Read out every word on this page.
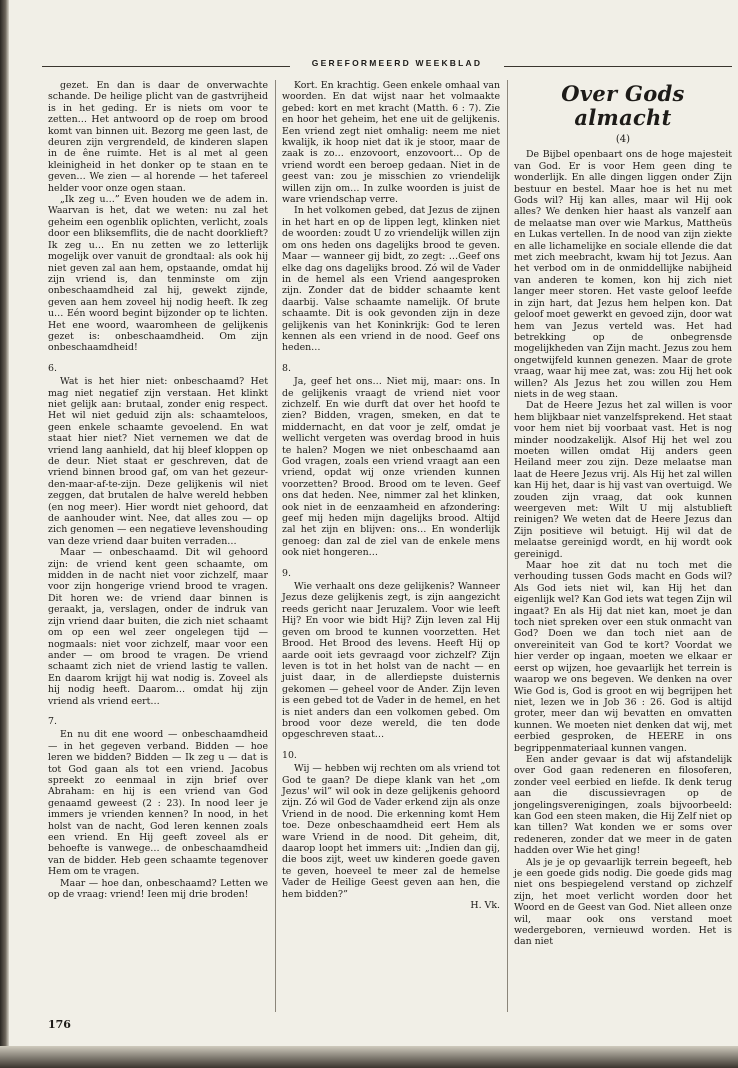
GEREFORMEERD WEEKBLAD

gezet. En dan is daar de onverwachte schande. De heilige plicht van de gastvrijheid is in het geding. Er is niets om voor te zetten… Het antwoord op de roep om brood komt van binnen uit. Bezorg me geen last, de deuren zijn vergrendeld, de kinderen slapen in de êne ruimte. Het is al met al geen kleinigheid in het donker op te staan en te geven… We zien — al horende — het tafereel helder voor onze ogen staan.

„Ik zeg u…” Even houden we de adem in. Waarvan is het, dat we weten: nu zal het geheim een ogenblik oplichten, verlicht, zoals door een bliksemflits, die de nacht doorklieft? Ik zeg u… En nu zetten we zo letterlijk mogelijk over vanuit de grondtaal: als ook hij niet geven zal aan hem, opstaande, omdat hij zijn vriend is, dan tenminste om zijn onbeschaamdheid zal hij, gewekt zijnde, geven aan hem zoveel hij nodig heeft. Ik zeg u… Eén woord begint bijzonder op te lichten. Het ene woord, waaromheen de gelijkenis gezet is: onbeschaamdheid. Om zijn onbeschaamdheid!

6.

Wat is het hier niet: onbeschaamd? Het mag niet negatief zijn verstaan. Het klinkt niet gelijk aan: brutaal, zonder enig respect. Het wil niet geduid zijn als: schaamteloos, geen enkele schaamte gevoelend. En wat staat hier niet? Niet vernemen we dat de vriend lang aanhield, dat hij bleef kloppen op de deur. Niet staat er geschreven, dat de vriend binnen brood gaf, om van het gezeur-den-maar-af-te-zijn. Deze gelijkenis wil niet zeggen, dat brutalen de halve wereld hebben (en nog meer). Hier wordt niet gehoord, dat de aanhouder wint. Nee, dat alles zou — op zich genomen — een negatieve levenshouding van deze vriend daar buiten verraden…

Maar — onbeschaamd. Dit wil gehoord zijn: de vriend kent geen schaamte, om midden in de nacht niet voor zichzelf, maar voor zijn hongerige vriend brood te vragen. Dit horen we: de vriend daar binnen is geraakt, ja, verslagen, onder de indruk van zijn vriend daar buiten, die zich niet schaamt om op een wel zeer ongelegen tijd — nogmaals: niet voor zichzelf, maar voor een ander — om brood te vragen. De vriend schaamt zich niet de vriend lastig te vallen. En daarom krijgt hij wat nodig is. Zoveel als hij nodig heeft. Daarom… omdat hij zijn vriend als vriend eert…

7.

En nu dit ene woord — onbeschaamdheid — in het gegeven verband. Bidden — hoe leren we bidden? Bidden — Ik zeg u — dat is tot God gaan als tot een vriend. Jacobus spreekt zo eenmaal in zijn brief over Abraham: en hij is een vriend van God genaamd geweest (2 : 23). In nood leer je immers je vrienden kennen? In nood, in het holst van de nacht, God leren kennen zoals een vriend. En Hij geeft zoveel als er behoefte is vanwege… de onbeschaamdheid van de bidder. Heb geen schaamte tegenover Hem om te vragen.

Maar — hoe dan, onbeschaamd? Letten we op de vraag: vriend! Ieen mij drie broden!

Kort. En krachtig. Geen enkele omhaal van woorden. En dat wijst naar het volmaakte gebed: kort en met kracht (Matth. 6 : 7). Zie en hoor het geheim, het ene uit de gelijkenis. Een vriend zegt niet omhalig: neem me niet kwalijk, ik hoop niet dat ik je stoor, maar de zaak is zo… enzovoort, enzovoort… Op de vriend wordt een beroep gedaan. Niet in de geest van: zou je misschien zo vriendelijk willen zijn om… In zulke woorden is juist de ware vriendschap verre.

In het volkomen gebed, dat Jezus de zijnen in het hart en op de lippen legt, klinken niet de woorden: zoudt U zo vriendelijk willen zijn om ons heden ons dagelijks brood te geven. Maar — wanneer gij bidt, zo zegt: …Geef ons elke dag ons dagelijks brood. Zó wil de Vader in de hemel als een Vriend aangesproken zijn. Zonder dat de bidder schaamte kent daarbij. Valse schaamte namelijk. Of brute schaamte. Dit is ook gevonden zijn in deze gelijkenis van het Koninkrijk: God te leren kennen als een vriend in de nood. Geef ons heden…

8.

Ja, geef het ons… Niet mij, maar: ons. In de gelijkenis vraagt de vriend niet voor zichzelf. En wie durft dat over het hoofd te zien? Bidden, vragen, smeken, en dat te middernacht, en dat voor je zelf, omdat je wellicht vergeten was overdag brood in huis te halen? Mogen we niet onbeschaamd aan God vragen, zoals een vriend vraagt aan een vriend, opdat wij onze vrienden kunnen voorzetten? Brood. Brood om te leven. Geef ons dat heden. Nee, nimmer zal het klinken, ook niet in de eenzaamheid en afzondering: geef mij heden mijn dagelijks brood. Altijd zal het zijn en blijven: ons… En wonderlijk genoeg: dan zal de ziel van de enkele mens ook niet hongeren…

9.

Wie verhaalt ons deze gelijkenis? Wanneer Jezus deze gelijkenis zegt, is zijn aangezicht reeds gericht naar Jeruzalem. Voor wie leeft Hij? En voor wie bidt Hij? Zijn leven zal Hij geven om brood te kunnen voorzetten. Het Brood. Het Brood des levens. Heeft Hij op aarde ooit iets gevraagd voor zichzelf? Zijn leven is tot in het holst van de nacht — en juist daar, in de allerdiepste duisternis gekomen — geheel voor de Ander. Zijn leven is een gebed tot de Vader in de hemel, en het is niet anders dan een volkomen gebed. Om brood voor deze wereld, die ten dode opgeschreven staat…

10.

Wij — hebben wij rechten om als vriend tot God te gaan? De diepe klank van het „om Jezus' wil” wil ook in deze gelijkenis gehoord zijn. Zó wil God de Vader erkend zijn als onze Vriend in de nood. Die erkenning komt Hem toe. Deze onbeschaamdheid eert Hem als ware Vriend in de nood. Dit geheim, dit, daarop loopt het immers uit: „Indien dan gij, die boos zijt, weet uw kinderen goede gaven te geven, hoeveel te meer zal de hemelse Vader de Heilige Geest geven aan hen, die hem bidden?”

H. Vk.

Over Gods almacht
(4)

De Bijbel openbaart ons de hoge majesteit van God. Er is voor Hem geen ding te wonderlijk. En alle dingen liggen onder Zijn bestuur en bestel. Maar hoe is het nu met Gods wil? Hij kan alles, maar wil Hij ook alles? We denken hier haast als vanzelf aan de melaatse man over wie Markus, Mattheüs en Lukas vertellen. In de nood van zijn ziekte en alle lichamelijke en sociale ellende die dat met zich meebracht, kwam hij tot Jezus. Aan het verbod om in de onmiddellijke nabijheid van anderen te komen, kon hij zich niet langer meer storen. Het vaste geloof leefde in zijn hart, dat Jezus hem helpen kon. Dat geloof moet gewerkt en gevoed zijn, door wat hem van Jezus verteld was. Het had betrekking op de onbegrensde mogelijkheden van Zijn macht. Jezus zou hem ongetwijfeld kunnen genezen. Maar de grote vraag, waar hij mee zat, was: zou Hij het ook willen? Als Jezus het zou willen zou Hem niets in de weg staan.

Dat de Heere Jezus het zal willen is voor hem blijkbaar niet vanzelfsprekend. Het staat voor hem niet bij voorbaat vast. Het is nog minder noodzakelijk. Alsof Hij het wel zou moeten willen omdat Hij anders geen Heiland meer zou zijn. Deze melaatse man laat de Heere Jezus vrij. Als Hij het zal willen kan Hij het, daar is hij vast van overtuigd. We zouden zijn vraag, dat ook kunnen weergeven met: Wilt U mij alstublieft reinigen? We weten dat de Heere Jezus dan Zijn positieve wil betuigt. Hij wil dat de melaatse gereinigd wordt, en hij wordt ook gereinigd.

Maar hoe zit dat nu toch met die verhouding tussen Gods macht en Gods wil? Als God iets niet wil, kan Hij het dan eigenlijk wel? Kan God iets wat tegen Zijn wil ingaat? En als Hij dat niet kan, moet je dan toch niet spreken over een stuk onmacht van God? Doen we dan toch niet aan de onvereiniteit van God te kort? Voordat we hier verder op ingaan, moeten we elkaar er eerst op wijzen, hoe gevaarlijk het terrein is waarop we ons begeven. We denken na over Wie God is, God is groot en wij begrijpen het niet, lezen we in Job 36 : 26. God is altijd groter, meer dan wij bevatten en omvatten kunnen. We moeten niet denken dat wij, met eerbied gesproken, de HEERE in ons begrippenmateriaal kunnen vangen.

Een ander gevaar is dat wij afstandelijk over God gaan redeneren en filosoferen, zonder veel eerbied en liefde. Ik denk terug aan die discussievragen op de jongelingsverenigingen, zoals bijvoorbeeld: kan God een steen maken, die Hij Zelf niet op kan tillen? Wat konden we er soms over redeneren, zonder dat we meer in de gaten hadden over Wie het ging!

Als je je op gevaarlijk terrein begeeft, heb je een goede gids nodig. Die goede gids mag niet ons bespiegelend verstand op zichzelf zijn, het moet verlicht worden door het Woord en de Geest van God. Niet alleen onze wil, maar ook ons verstand moet wedergeboren, vernieuwd worden. Het is dan niet

176
